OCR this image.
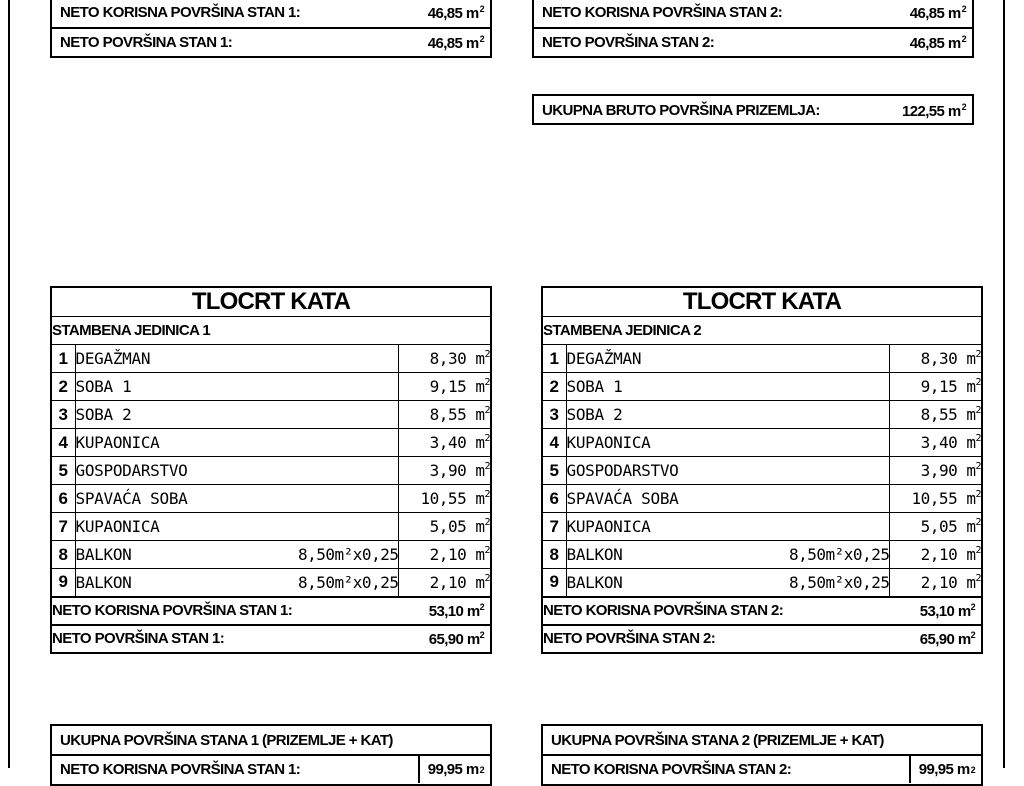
NETO KORISNA POVRŠINA STAN 1:	46,85 $m^2$
NETO POVRŠINA STAN 1:	46,85 $m^2$
NETO KORISNA POVRŠINA STAN 2:	46,85 $m^2$
NETO POVRŠINA STAN 2:	46,85 $m^2$
UKUPNA BRUTO POVRŠINA PRIZEMLJA:	122,55 $m^2$
TLOCRT KATA			
STAMBENA JEDINICA 1			
1	DEGAŽMAN		8,30 $m^2$
2	SOBA 1		9,15 $m^2$
3	SOBA 2		8,55 $m^2$
4	KUPAONICA		3,40 $m^2$
5	GOSPODARSTVO		3,90 $m^2$
6	SPAVAĆA SOBA		10,55 $m^2$
7	KUPAONICA		5,05 $m^2$
8	BALKON	8,50m²x0,25	2,10 $m^2$
9	BALKON	8,50m²x0,25	2,10 $m^2$
NETO KORISNA POVRŠINA STAN 1:			53,10 $m^2$
NETO POVRŠINA STAN 1:			65,90 $m^2$
TLOCRT KATA			
STAMBENA JEDINICA 2			
1	DEGAŽMAN		8,30 $m^2$
2	SOBA 1		9,15 $m^2$
3	SOBA 2		8,55 $m^2$
4	KUPAONICA		3,40 $m^2$
5	GOSPODARSTVO		3,90 $m^2$
6	SPAVAĆA SOBA		10,55 $m^2$
7	KUPAONICA		5,05 $m^2$
8	BALKON	8,50m²x0,25	2,10 $m^2$
9	BALKON	8,50m²x0,25	2,10 $m^2$
NETO KORISNA POVRŠINA STAN 2:			53,10 $m^2$
NETO POVRŠINA STAN 2:			65,90 $m^2$
UKUPNA POVRŠINA STANA 1 (PRIZEMLJE + KAT)
NETO KORISNA POVRŠINA STAN 1:	99,95 m 2
UKUPNA POVRŠINA STANA 2 (PRIZEMLJE + KAT)
NETO KORISNA POVRŠINA STAN 2:	99,95 m 2
